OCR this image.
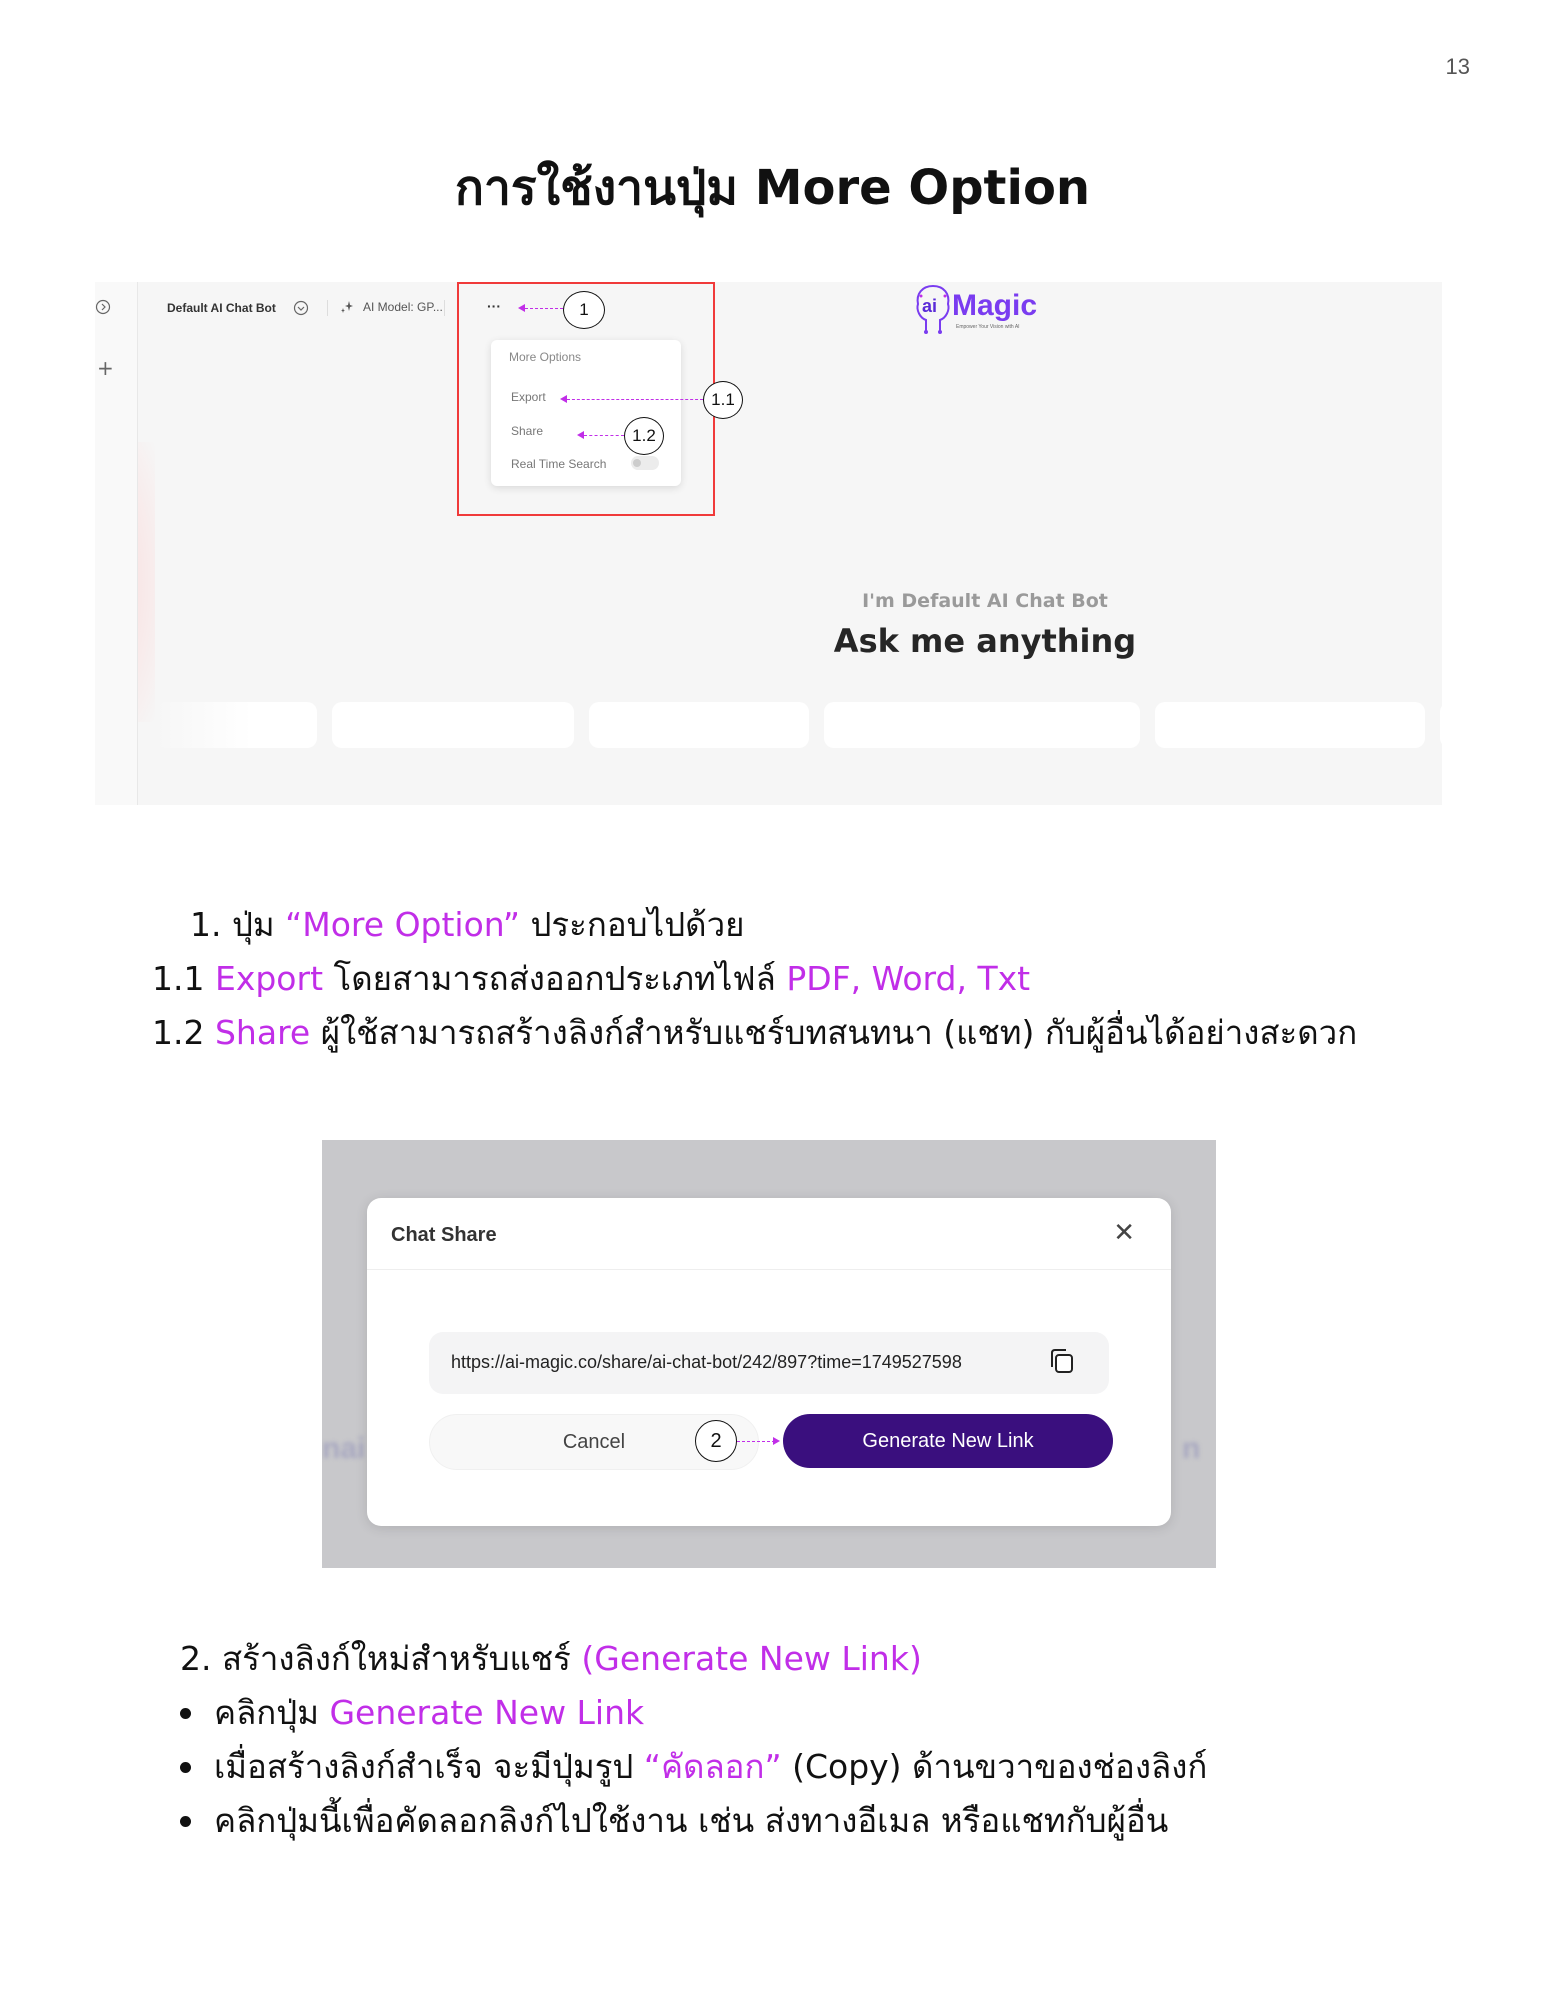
13
การใช้งานปุ่ม More Option
+
Default AI Chat Bot	AI Model: GP...	···
More Options
Export
Share
Real Time Search
1
1.1
1.2
ai Magic
Empower Your Vision with AI
I'm Default AI Chat Bot
Ask me anything
1. ปุ่ม “More Option” ประกอบไปด้วย
1.1 Export โดยสามารถส่งออกประเภทไฟล์ PDF, Word, Txt
1.2 Share ผู้ใช้สามารถสร้างลิงก์สำหรับแชร์บทสนทนา (แชท) กับผู้อื่นได้อย่างสะดวก
nai	n
Chat Share	✕
https://ai-magic.co/share/ai-chat-bot/242/897?time=1749527598
Cancel	2	Generate New Link
2. สร้างลิงก์ใหม่สำหรับแชร์ (Generate New Link)
คลิกปุ่ม Generate New Link
เมื่อสร้างลิงก์สำเร็จ จะมีปุ่มรูป “คัดลอก” (Copy) ด้านขวาของช่องลิงก์
คลิกปุ่มนี้เพื่อคัดลอกลิงก์ไปใช้งาน เช่น ส่งทางอีเมล หรือแชทกับผู้อื่น
